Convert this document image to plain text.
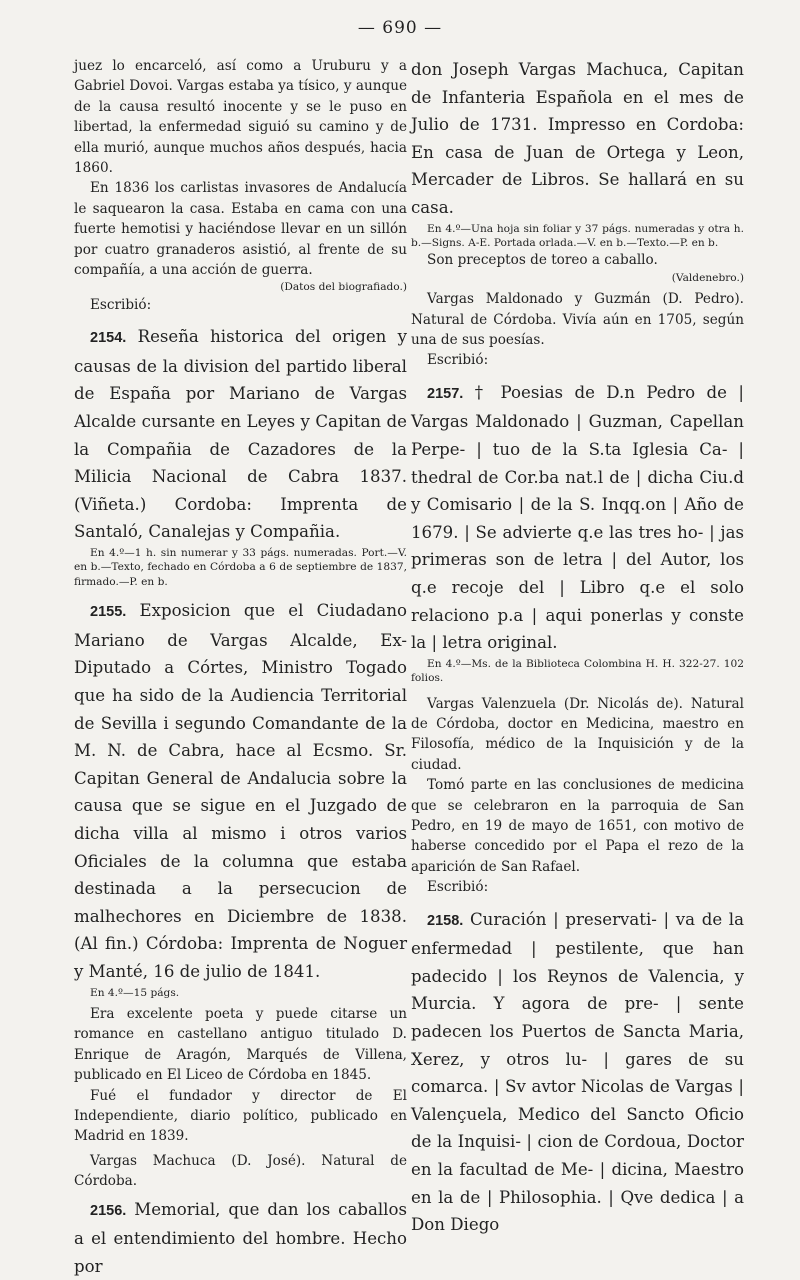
— 690 —

juez lo encarceló, así como a Uruburu y a Gabriel Dovoi. Vargas estaba ya tísico, y aunque de la causa resultó inocente y se le puso en libertad, la enfermedad siguió su camino y de ella murió, aunque muchos años después, hacia 1860.

En 1836 los carlistas invasores de Andalucía le saquearon la casa. Estaba en cama con una fuerte hemotisi y haciéndose llevar en un sillón por cuatro granaderos asistió, al frente de su compañía, a una acción de guerra.

(Datos del biografiado.)

Escribió:

2154. Reseña historica del origen y causas de la division del partido liberal de España por Mariano de Vargas Alcalde cursante en Leyes y Capitan de la Compañia de Cazadores de la Milicia Nacional de Cabra 1837. (Viñeta.) Cordoba: Imprenta de Santaló, Canalejas y Compañia.

En 4.º—1 h. sin numerar y 33 págs. numeradas. Port.—V. en b.—Texto, fechado en Córdoba a 6 de septiembre de 1837, firmado.—P. en b.

2155. Exposicion que el Ciudadano Mariano de Vargas Alcalde, Ex-Diputado a Córtes, Ministro Togado que ha sido de la Audiencia Territorial de Sevilla i segundo Comandante de la M. N. de Cabra, hace al Ecsmo. Sr. Capitan General de Andalucia sobre la causa que se sigue en el Juzgado de dicha villa al mismo i otros varios Oficiales de la columna que estaba destinada a la persecucion de malhechores en Diciembre de 1838. (Al fin.) Córdoba: Imprenta de Noguer y Manté, 16 de julio de 1841.

En 4.º—15 págs.

Era excelente poeta y puede citarse un romance en castellano antiguo titulado D. Enrique de Aragón, Marqués de Villena, publicado en El Liceo de Córdoba en 1845.

Fué el fundador y director de El Independiente, diario político, publicado en Madrid en 1839.

Vargas Machuca (D. José). Natural de Córdoba.

2156. Memorial, que dan los caballos a el entendimiento del hombre. Hecho por

don Joseph Vargas Machuca, Capitan de Infanteria Española en el mes de Julio de 1731. Impresso en Cordoba: En casa de Juan de Ortega y Leon, Mercader de Libros. Se hallará en su casa.

En 4.º—Una hoja sin foliar y 37 págs. numeradas y otra h. b.—Signs. A-E. Portada orlada.—V. en b.—Texto.—P. en b.

Son preceptos de toreo a caballo.

(Valdenebro.)

Vargas Maldonado y Guzmán (D. Pedro). Natural de Córdoba. Vivía aún en 1705, según una de sus poesías.

Escribió:

2157. † Poesias de D.n Pedro de | Vargas Maldonado | Guzman, Capellan Perpe- | tuo de la S.ta Iglesia Ca- | thedral de Cor.ba nat.l de | dicha Ciu.d y Comisario | de la S. Inqq.on | Año de 1679. | Se advierte q.e las tres ho- | jas primeras son de letra | del Autor, los q.e recoje del | Libro q.e el solo relaciono p.a | aqui ponerlas y conste la | letra original.

En 4.º—Ms. de la Biblioteca Colombina H. H. 322-27. 102 folios.

Vargas Valenzuela (Dr. Nicolás de). Natural de Córdoba, doctor en Medicina, maestro en Filosofía, médico de la Inquisición y de la ciudad.

Tomó parte en las conclusiones de medicina que se celebraron en la parroquia de San Pedro, en 19 de mayo de 1651, con motivo de haberse concedido por el Papa el rezo de la aparición de San Rafael.

Escribió:

2158. Curación | preservati- | va de la enfermedad | pestilente, que han padecido | los Reynos de Valencia, y Murcia. Y agora de pre- | sente padecen los Puertos de Sancta Maria, Xerez, y otros lu- | gares de su comarca. | Sv avtor Nicolas de Vargas | Valençuela, Medico del Sancto Oficio de la Inquisi- | cion de Cordoua, Doctor en la facultad de Me- | dicina, Maestro en la de | Philosophia. | Qve dedica | a Don Diego
